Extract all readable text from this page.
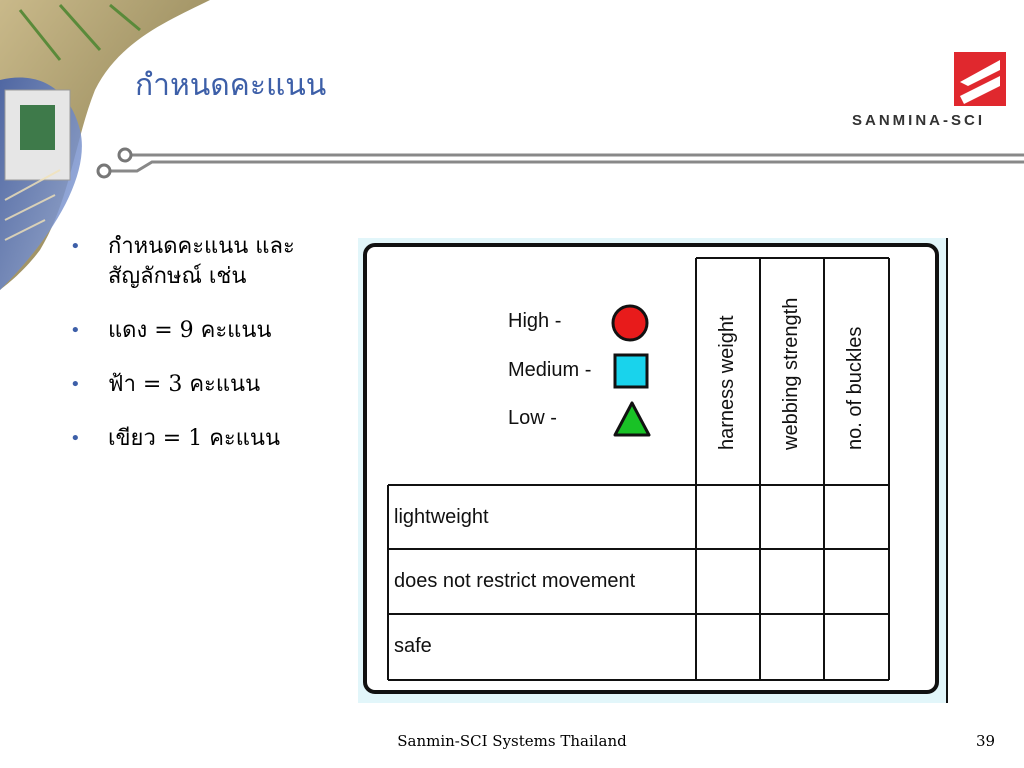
กำหนดคะแนน
SANMINA-SCI
• กำหนดคะแนน และ สัญลักษณ์ เช่น
• แดง = 9 คะแนน
• ฟ้า = 3 คะแนน
• เขียว = 1 คะแนน
High -
Medium -
Low -	harness weight webbing strength no. of buckles
lightweight
does not restrict movement
safe
Sanmin-SCI Systems Thailand	39
